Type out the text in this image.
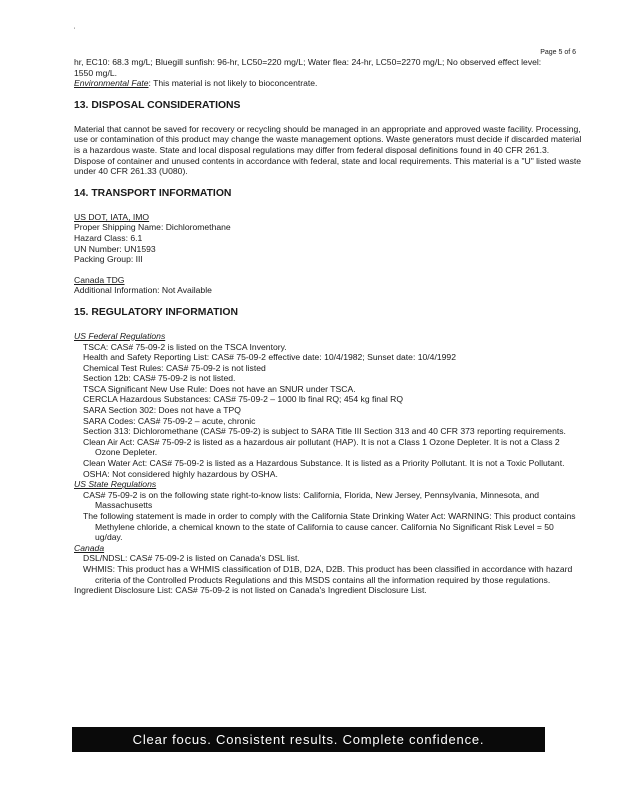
'
Page 5 of 6
hr, EC10: 68.3 mg/L; Bluegill sunfish: 96-hr, LC50=220 mg/L; Water flea: 24-hr, LC50=2270 mg/L; No observed effect level:
1550 mg/L.
Environmental Fate: This material is not likely to bioconcentrate.
13. DISPOSAL CONSIDERATIONS
Material that cannot be saved for recovery or recycling should be managed in an appropriate and approved waste facility. Processing, use or contamination of this product may change the waste management options. Waste generators must decide if discarded material is a hazardous waste. State and local disposal regulations may differ from federal disposal definitions found in 40 CFR 261.3. Dispose of container and unused contents in accordance with federal, state and local requirements. This material is a "U" listed waste under 40 CFR 261.33 (U080).
14. TRANSPORT INFORMATION
US DOT, IATA, IMO
Proper Shipping Name: Dichloromethane
Hazard Class: 6.1
UN Number: UN1593
Packing Group: III
Canada TDG
Additional Information: Not Available
15. REGULATORY INFORMATION
US Federal Regulations
TSCA: CAS# 75-09-2 is listed on the TSCA Inventory.
Health and Safety Reporting List: CAS# 75-09-2 effective date: 10/4/1982; Sunset date: 10/4/1992
Chemical Test Rules: CAS# 75-09-2 is not listed
Section 12b: CAS# 75-09-2 is not listed.
TSCA Significant New Use Rule: Does not have an SNUR under TSCA.
CERCLA Hazardous Substances: CAS# 75-09-2 – 1000 lb final RQ; 454 kg final RQ
SARA Section 302: Does not have a TPQ
SARA Codes: CAS# 75-09-2 – acute, chronic
Section 313: Dichloromethane (CAS# 75-09-2) is subject to SARA Title III Section 313 and 40 CFR 373 reporting requirements.
Clean Air Act: CAS# 75-09-2 is listed as a hazardous air pollutant (HAP). It is not a Class 1 Ozone Depleter. It is not a Class 2 Ozone Depleter.
Clean Water Act: CAS# 75-09-2 is listed as a Hazardous Substance. It is listed as a Priority Pollutant. It is not a Toxic Pollutant.
OSHA: Not considered highly hazardous by OSHA.
US State Regulations
CAS# 75-09-2 is on the following state right-to-know lists: California, Florida, New Jersey, Pennsylvania, Minnesota, and Massachusetts
The following statement is made in order to comply with the California State Drinking Water Act: WARNING: This product contains Methylene chloride, a chemical known to the state of California to cause cancer. California No Significant Risk Level = 50 ug/day.
Canada
DSL/NDSL: CAS# 75-09-2 is listed on Canada's DSL list.
WHMIS: This product has a WHMIS classification of D1B, D2A, D2B. This product has been classified in accordance with hazard criteria of the Controlled Products Regulations and this MSDS contains all the information required by those regulations.
Ingredient Disclosure List: CAS# 75-09-2 is not listed on Canada's Ingredient Disclosure List.
Clear focus. Consistent results. Complete confidence.
